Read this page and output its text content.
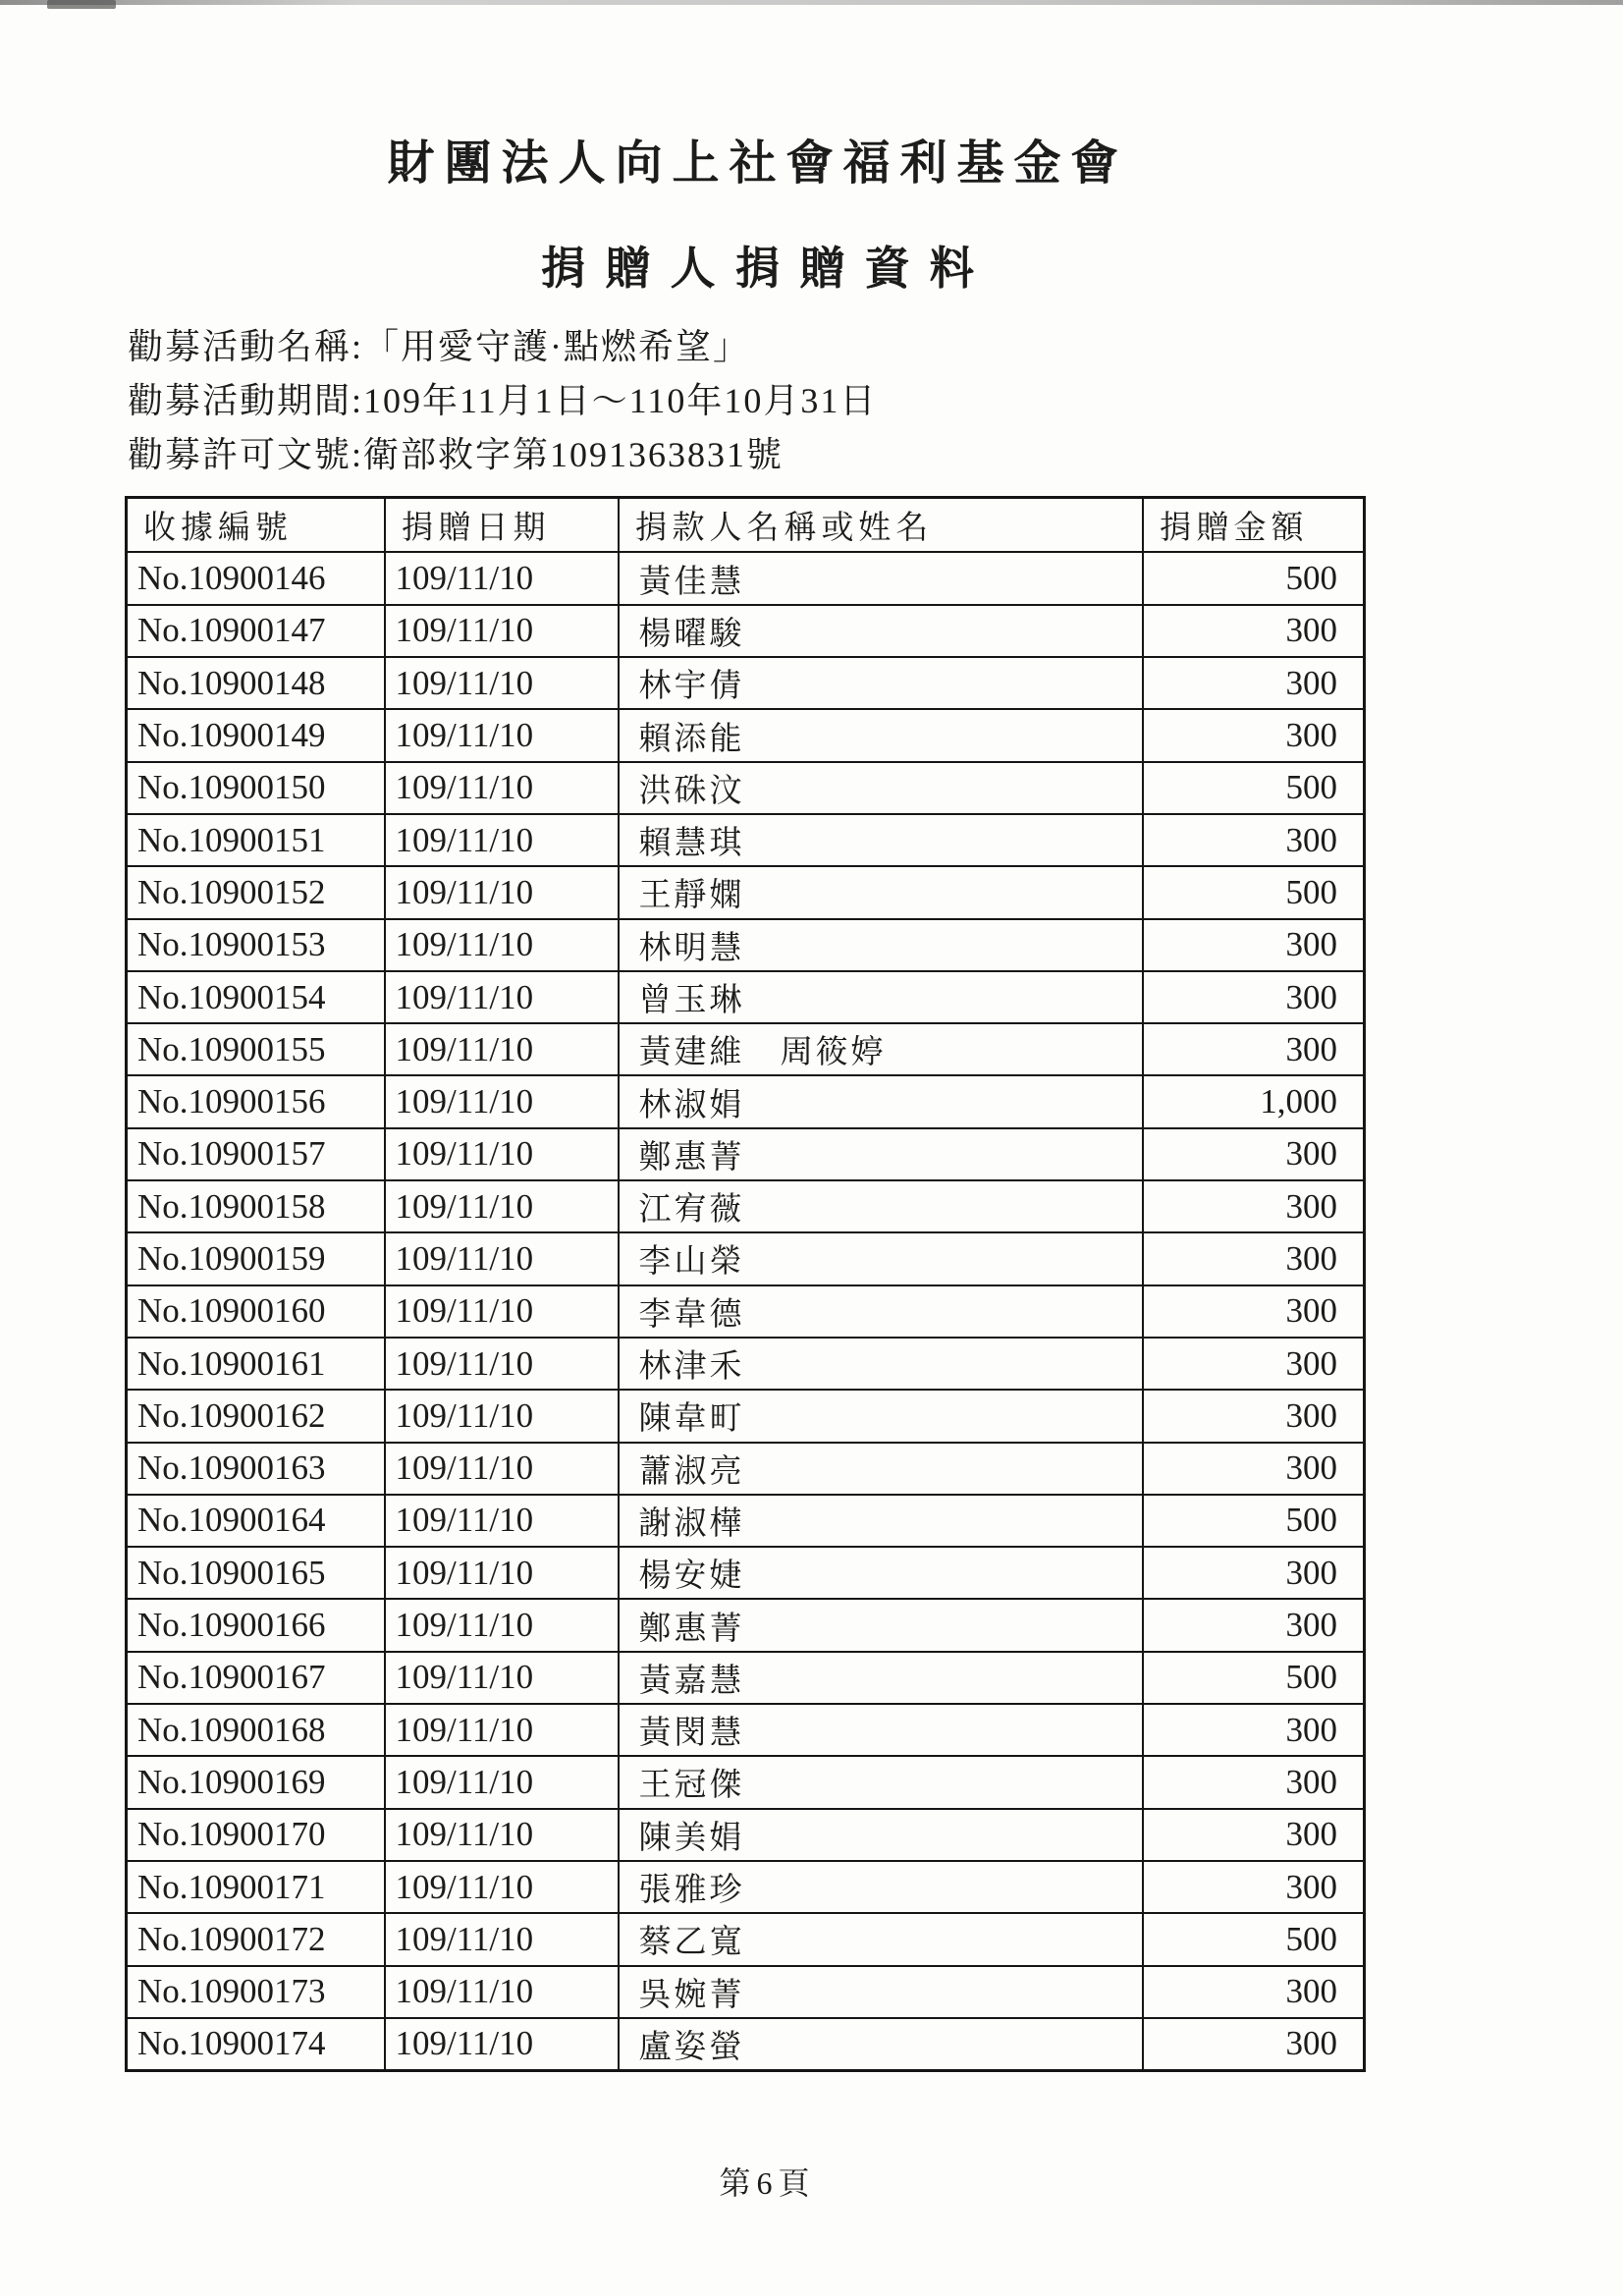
財團法人向上社會福利基金會
捐贈人捐贈資料
勸募活動名稱:「用愛守護·點燃希望」
勸募活動期間:109年11月1日～110年10月31日
勸募許可文號:衛部救字第1091363831號
收據編號	捐贈日期	捐款人名稱或姓名	捐贈金額
No.10900146	109/11/10	黃佳慧	500
No.10900147	109/11/10	楊曜駿	300
No.10900148	109/11/10	林宇倩	300
No.10900149	109/11/10	賴添能	300
No.10900150	109/11/10	洪硃汶	500
No.10900151	109/11/10	賴慧琪	300
No.10900152	109/11/10	王靜嫻	500
No.10900153	109/11/10	林明慧	300
No.10900154	109/11/10	曾玉琳	300
No.10900155	109/11/10	黃建維　周筱婷	300
No.10900156	109/11/10	林淑娟	1,000
No.10900157	109/11/10	鄭惠菁	300
No.10900158	109/11/10	江宥薇	300
No.10900159	109/11/10	李山榮	300
No.10900160	109/11/10	李韋德	300
No.10900161	109/11/10	林津禾	300
No.10900162	109/11/10	陳韋町	300
No.10900163	109/11/10	蕭淑亮	300
No.10900164	109/11/10	謝淑樺	500
No.10900165	109/11/10	楊安婕	300
No.10900166	109/11/10	鄭惠菁	300
No.10900167	109/11/10	黃嘉慧	500
No.10900168	109/11/10	黃閔慧	300
No.10900169	109/11/10	王冠傑	300
No.10900170	109/11/10	陳美娟	300
No.10900171	109/11/10	張雅珍	300
No.10900172	109/11/10	蔡乙寬	500
No.10900173	109/11/10	吳婉菁	300
No.10900174	109/11/10	盧姿螢	300
第6頁
